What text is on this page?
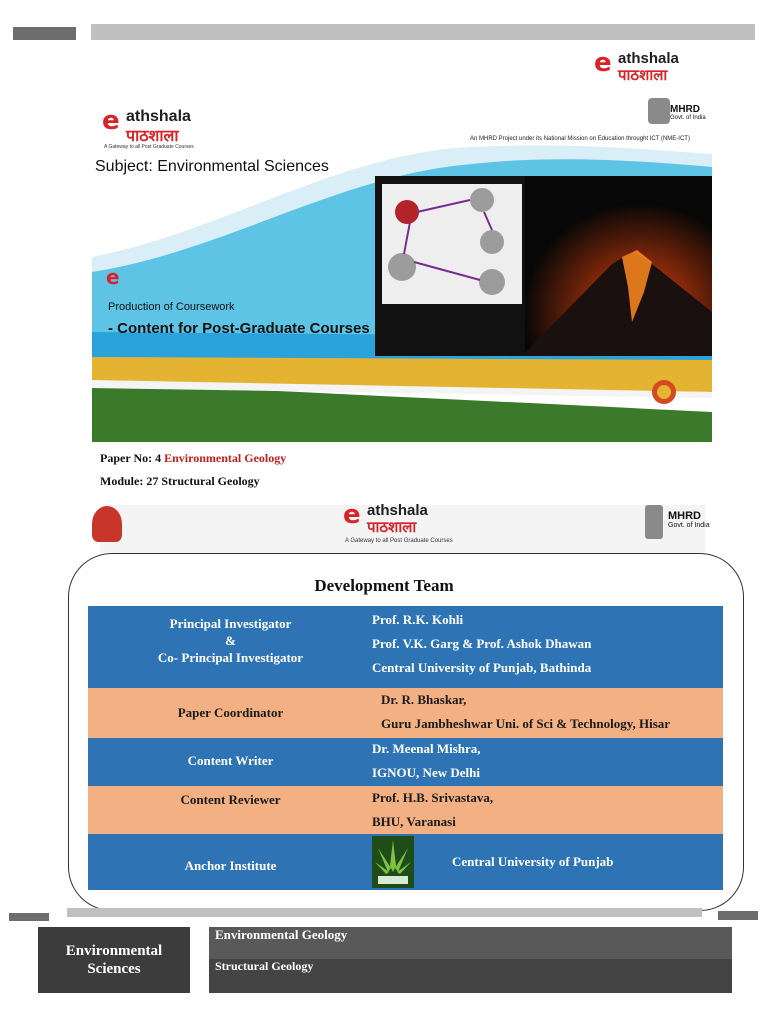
e athshala
पाठशाला
e
e athshala
पाठशाला
A Gateway to all Post Graduate Courses
MHRD
Govt. of India
An MHRD Project under its National Mission on Education throught ICT (NME-ICT)
Subject: Environmental Sciences
Production of Coursework
- Content for Post-Graduate Courses
Paper No: 4 Environmental Geology
Module: 27 Structural Geology
e athshala
पाठशाला
A Gateway to all Post Graduate Courses
MHRD
Govt. of India
Development Team
Principal Investigator
&
Co- Principal Investigator
Prof. R.K. Kohli
Prof. V.K. Garg & Prof. Ashok Dhawan
Central University of Punjab, Bathinda
Paper Coordinator
Dr. R. Bhaskar,
Guru Jambheshwar Uni. of Sci & Technology, Hisar
Content Writer
Dr. Meenal Mishra,
IGNOU, New Delhi
Content Reviewer	Prof. H.B. Srivastava,
BHU, Varanasi
Anchor Institute	Central University of Punjab
Environmental Sciences
Environmental Geology
Structural Geology
